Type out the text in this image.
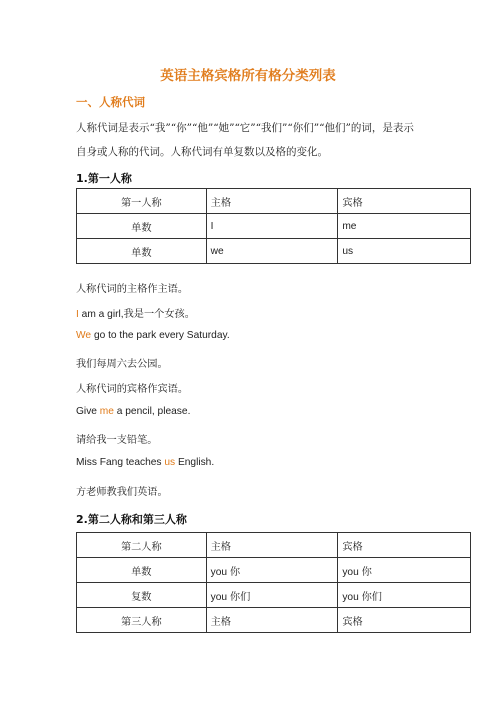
英语主格宾格所有格分类列表
一、人称代词
人称代词是表示“我”“你”“他”“她”“它”“我们”“你们”“他们”的词，是表示自身或人称的代词。人称代词有单复数以及格的变化。
1.第一人称
第一人称	主格	宾格
单数	I	me
单数	we	us
人称代词的主格作主语。
I am a girl,我是一个女孩。
We go to the park every Saturday.
我们每周六去公园。
人称代词的宾格作宾语。
Give me a pencil, please.
请给我一支铅笔。
Miss Fang teaches us English.
方老师教我们英语。
2.第二人称和第三人称
第二人称	主格	宾格
单数	you 你	you 你
复数	you 你们	you 你们
第三人称	主格	宾格
